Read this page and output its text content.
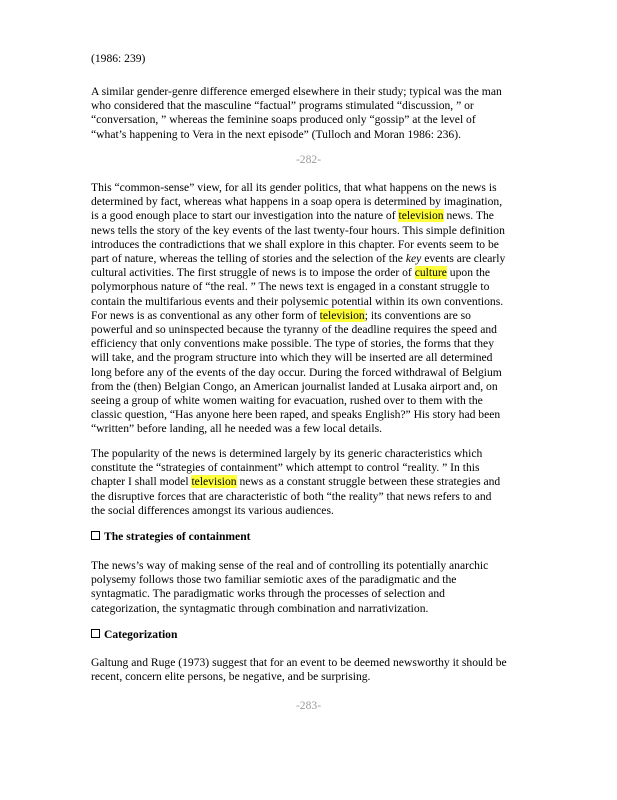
(1986: 239)
A similar gender-genre difference emerged elsewhere in their study; typical was the man
who considered that the masculine “factual” programs stimulated “discussion, ” or
“conversation, ” whereas the feminine soaps produced only “gossip” at the level of
“what’s happening to Vera in the next episode” (Tulloch and Moran 1986: 236).
-282-
This “common-sense” view, for all its gender politics, that what happens on the news is
determined by fact, whereas what happens in a soap opera is determined by imagination,
is a good enough place to start our investigation into the nature of television news. The
news tells the story of the key events of the last twenty-four hours. This simple definition
introduces the contradictions that we shall explore in this chapter. For events seem to be
part of nature, whereas the telling of stories and the selection of the key events are clearly
cultural activities. The first struggle of news is to impose the order of culture upon the
polymorphous nature of “the real. ” The news text is engaged in a constant struggle to
contain the multifarious events and their polysemic potential within its own conventions.
For news is as conventional as any other form of television; its conventions are so
powerful and so uninspected because the tyranny of the deadline requires the speed and
efficiency that only conventions make possible. The type of stories, the forms that they
will take, and the program structure into which they will be inserted are all determined
long before any of the events of the day occur. During the forced withdrawal of Belgium
from the (then) Belgian Congo, an American journalist landed at Lusaka airport and, on
seeing a group of white women waiting for evacuation, rushed over to them with the
classic question, “Has anyone here been raped, and speaks English?” His story had been
“written” before landing, all he needed was a few local details.
The popularity of the news is determined largely by its generic characteristics which
constitute the “strategies of containment” which attempt to control “reality. ” In this
chapter I shall model television news as a constant struggle between these strategies and
the disruptive forces that are characteristic of both “the reality” that news refers to and
the social differences amongst its various audiences.
The strategies of containment
The news’s way of making sense of the real and of controlling its potentially anarchic
polysemy follows those two familiar semiotic axes of the paradigmatic and the
syntagmatic. The paradigmatic works through the processes of selection and
categorization, the syntagmatic through combination and narrativization.
Categorization
Galtung and Ruge (1973) suggest that for an event to be deemed newsworthy it should be
recent, concern elite persons, be negative, and be surprising.
-283-
